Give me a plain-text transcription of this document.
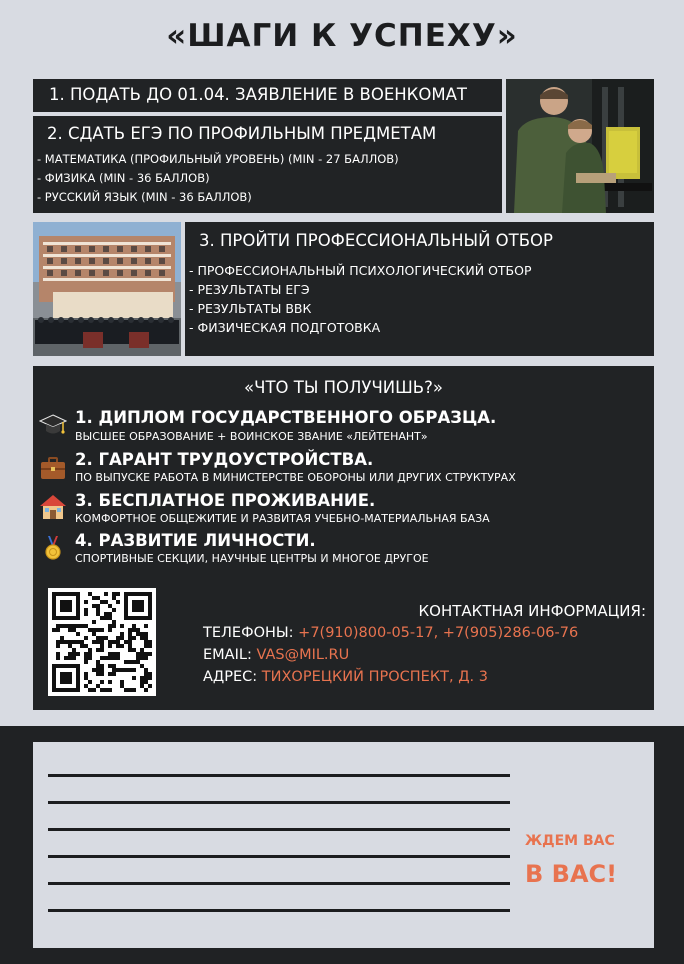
«ШАГИ К УСПЕХУ»
1. ПОДАТЬ ДО 01.04. ЗАЯВЛЕНИЕ В ВОЕНКОМАТ
2. СДАТЬ ЕГЭ ПО ПРОФИЛЬНЫМ ПРЕДМЕТАМ
- МАТЕМАТИКА (ПРОФИЛЬНЫЙ УРОВЕНЬ) (MIN - 27 БАЛЛОВ)
- ФИЗИКА (MIN - 36 БАЛЛОВ)
- РУССКИЙ ЯЗЫК (MIN - 36 БАЛЛОВ)
3. ПРОЙТИ ПРОФЕССИОНАЛЬНЫЙ ОТБОР
- ПРОФЕССИОНАЛЬНЫЙ ПСИХОЛОГИЧЕСКИЙ ОТБОР
- РЕЗУЛЬТАТЫ ЕГЭ
- РЕЗУЛЬТАТЫ ВВК
- ФИЗИЧЕСКАЯ ПОДГОТОВКА
«ЧТО ТЫ ПОЛУЧИШЬ?»
1. ДИПЛОМ ГОСУДАРСТВЕННОГО ОБРАЗЦА.
ВЫСШЕЕ ОБРАЗОВАНИЕ + ВОИНСКОЕ ЗВАНИЕ «ЛЕЙТЕНАНТ»
2. ГАРАНТ ТРУДОУСТРОЙСТВА.
ПО ВЫПУСКЕ РАБОТА В МИНИСТЕРСТВЕ ОБОРОНЫ ИЛИ ДРУГИХ СТРУКТУРАХ
3. БЕСПЛАТНОЕ ПРОЖИВАНИЕ.
КОМФОРТНОЕ ОБЩЕЖИТИЕ И РАЗВИТАЯ УЧЕБНО-МАТЕРИАЛЬНАЯ БАЗА
4. РАЗВИТИЕ ЛИЧНОСТИ.
СПОРТИВНЫЕ СЕКЦИИ, НАУЧНЫЕ ЦЕНТРЫ И МНОГОЕ ДРУГОЕ
КОНТАКТНАЯ ИНФОРМАЦИЯ:
ТЕЛЕФОНЫ: +7(910)800-05-17, +7(905)286-06-76
EMAIL: VAS@MIL.RU
АДРЕС: ТИХОРЕЦКИЙ ПРОСПЕКТ, Д. 3
ЖДЕМ ВАС
В ВАС!
